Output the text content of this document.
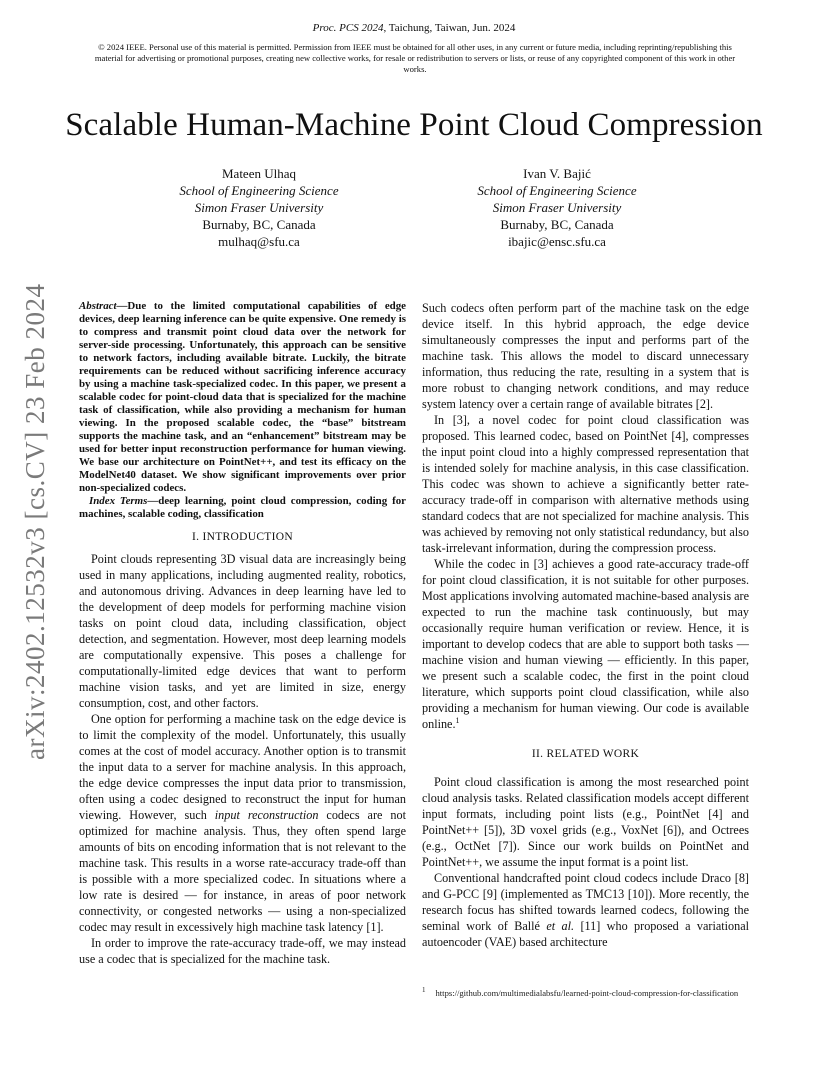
Proc. PCS 2024, Taichung, Taiwan, Jun. 2024
© 2024 IEEE. Personal use of this material is permitted. Permission from IEEE must be obtained for all other uses, in any current or future media, including reprinting/republishing this material for advertising or promotional purposes, creating new collective works, for resale or redistribution to servers or lists, or reuse of any copyrighted component of this work in other works.
Scalable Human-Machine Point Cloud Compression
Mateen Ulhaq
School of Engineering Science
Simon Fraser University
Burnaby, BC, Canada
mulhaq@sfu.ca
Ivan V. Bajić
School of Engineering Science
Simon Fraser University
Burnaby, BC, Canada
ibajic@ensc.sfu.ca
arXiv:2402.12532v3 [cs.CV] 23 Feb 2024	Abstract—Due to the limited computational capabilities of edge devices, deep learning inference can be quite expensive. One remedy is to compress and transmit point cloud data over the network for server-side processing. Unfortunately, this approach can be sensitive to network factors, including available bitrate. Luckily, the bitrate requirements can be reduced without sacrificing inference accuracy by using a machine task-specialized codec. In this paper, we present a scalable codec for point-cloud data that is specialized for the machine task of classification, while also providing a mechanism for human viewing. In the proposed scalable codec, the “base” bitstream supports the machine task, and an “enhancement” bitstream may be used for better input reconstruction performance for human viewing. We base our architecture on PointNet++, and test its efficacy on the ModelNet40 dataset. We show significant improvements over prior non-specialized codecs.
Index Terms—deep learning, point cloud compression, coding for machines, scalable coding, classification
I. INTRODUCTION

Point clouds representing 3D visual data are increasingly being used in many applications, including augmented reality, robotics, and autonomous driving. Advances in deep learning have led to the development of deep models for performing machine vision tasks on point cloud data, including classification, object detection, and segmentation. However, most deep learning models are computationally expensive. This poses a challenge for computationally-limited edge devices that want to perform machine vision tasks, and yet are limited in size, energy consumption, cost, and other factors.

One option for performing a machine task on the edge device is to limit the complexity of the model. Unfortunately, this usually comes at the cost of model accuracy. Another option is to transmit the input data to a server for machine analysis. In this approach, the edge device compresses the input data prior to transmission, often using a codec designed to reconstruct the input for human viewing. However, such input reconstruction codecs are not optimized for machine analysis. Thus, they often spend large amounts of bits on encoding information that is not relevant to the machine task. This results in a worse rate-accuracy trade-off than is possible with a more specialized codec. In situations where a low rate is desired — for instance, in areas of poor network connectivity, or congested networks — using a non-specialized codec may result in excessively high machine task latency [1].

In order to improve the rate-accuracy trade-off, we may instead use a codec that is specialized for the machine task.

Such codecs often perform part of the machine task on the edge device itself. In this hybrid approach, the edge device simultaneously compresses the input and performs part of the machine task. This allows the model to discard unnecessary information, thus reducing the rate, resulting in a system that is more robust to changing network conditions, and may reduce system latency over a certain range of available bitrates [2].

In [3], a novel codec for point cloud classification was proposed. This learned codec, based on PointNet [4], compresses the input point cloud into a highly compressed representation that is intended solely for machine analysis, in this case classification. This codec was shown to achieve a significantly better rate-accuracy trade-off in comparison with alternative methods using standard codecs that are not specialized for machine analysis. This was achieved by removing not only statistical redundancy, but also task-irrelevant information, during the compression process.

While the codec in [3] achieves a good rate-accuracy trade-off for point cloud classification, it is not suitable for other purposes. Most applications involving automated machine-based analysis are expected to run the machine task continuously, but may occasionally require human verification or review. Hence, it is important to develop codecs that are able to support both tasks — machine vision and human viewing — efficiently. In this paper, we present such a scalable codec, the first in the point cloud literature, which supports point cloud classification, while also providing a mechanism for human viewing. Our code is available online.$^1$

II. RELATED WORK

Point cloud classification is among the most researched point cloud analysis tasks. Related classification models accept different input formats, including point lists (e.g., PointNet [4] and PointNet++ [5]), 3D voxel grids (e.g., VoxNet [6]), and Octrees (e.g., OctNet [7]). Since our work builds on PointNet and PointNet++, we assume the input format is a point list.

Conventional handcrafted point cloud codecs include Draco [8] and G-PCC [9] (implemented as TMC13 [10]). More recently, the research focus has shifted towards learned codecs, following the seminal work of Ballé et al. [11] who proposed a variational autoencoder (VAE) based architecture

$^1$ https://github.com/multimedialabsfu/learned-point-cloud-compression-for-classification
